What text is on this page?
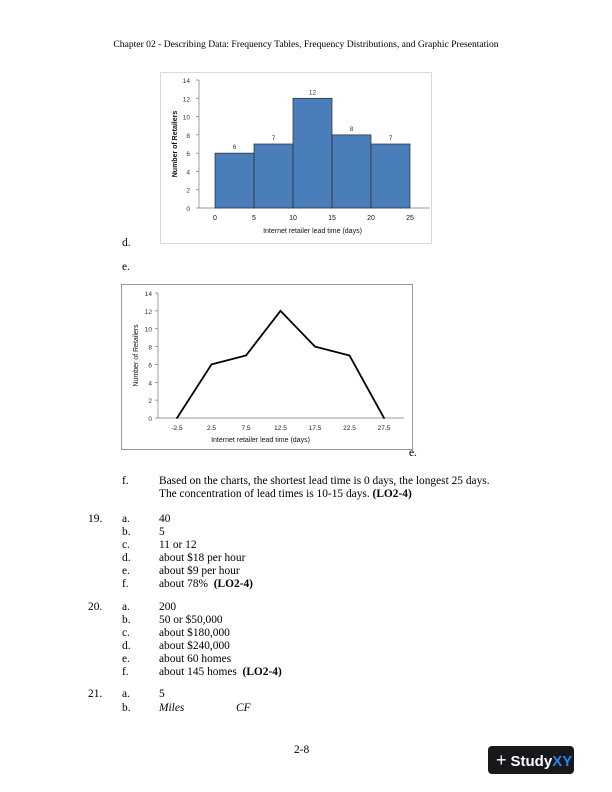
Chapter 02 - Describing Data: Frequency Tables, Frequency Distributions, and Graphic Presentation
0
2
4
6
8
10
12
14
6
7
12
8
7
0	5	10	15	20	25
Internet retailer lead time (days)
Number of Retailers
d.
e.
0
2
4
6
8
10
12
14
-2.5	2.5	7.5	12.5	17.5	22.5	27.5
Internet retailer lead time (days)
Number of Retailers
e.
f.	Based on the charts, the shortest lead time is 0 days, the longest 25 days.
The concentration of lead times is 10-15 days. (LO2-4)
19. a.	40
b. 5
c.	11 or 12
d. about $18 per hour
e.	about $9 per hour
f.	about 78%  (LO2-4)
20. a.	200
b. 50 or $50,000
c.	about $180,000
d. about $240,000
e.	about 60 homes
f.	about 145 homes  (LO2-4)
21. a.	5
b. Miles	CF
2-8	+ StudyXY
